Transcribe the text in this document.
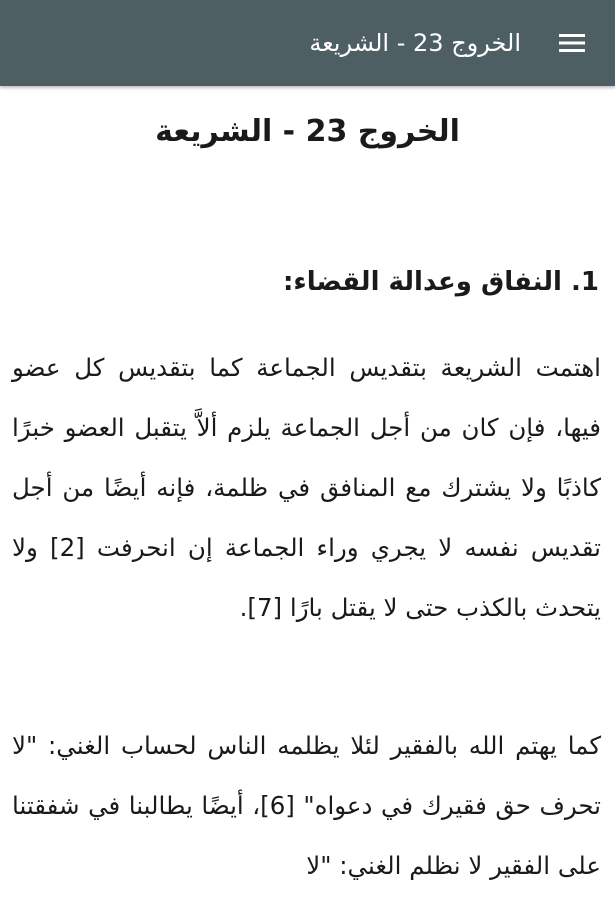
الخروج 23 - الشريعة
الخروج 23 - الشريعة
1. النفاق وعدالة القضاء:

اهتمت الشريعة بتقديس الجماعة كما بتقديس كل عضو فيها، فإن كان من أجل الجماعة يلزم ألاَّ يتقبل العضو خبرًا كاذبًا ولا يشترك مع المنافق في ظلمة، فإنه أيضًا من أجل تقديس نفسه لا يجري وراء الجماعة إن انحرفت [2] ولا يتحدث بالكذب حتى لا يقتل بارًا [7].

كما يهتم الله بالفقير لئلا يظلمه الناس لحساب الغني: "لا تحرف حق فقيرك في دعواه" [6]، أيضًا يطالبنا في شفقتنا على الفقير لا نظلم الغني: "لا
